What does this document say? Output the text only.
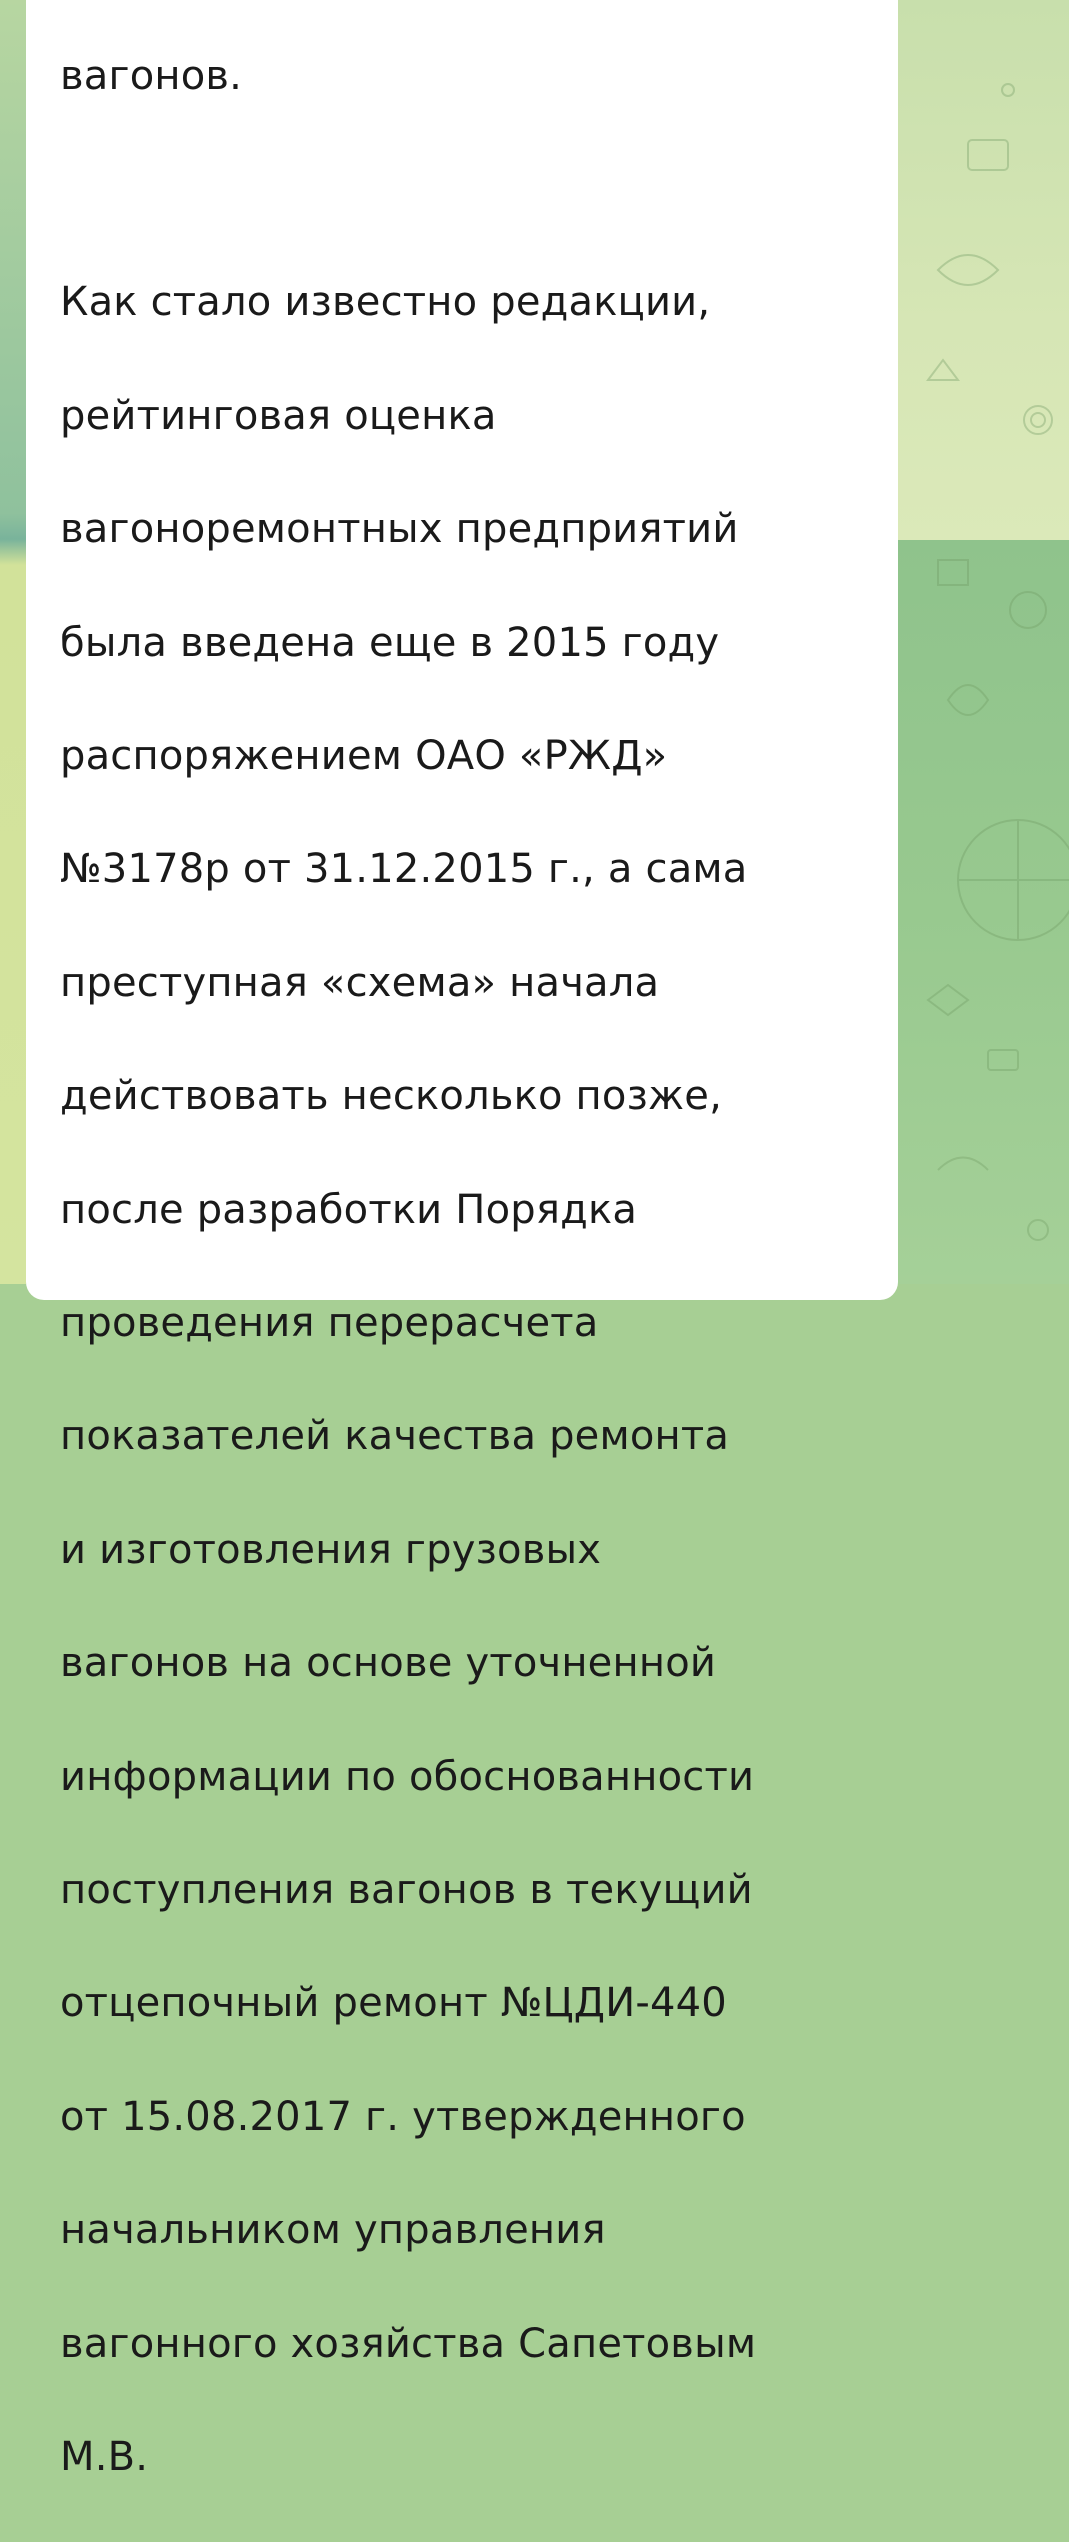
вагонов.

Как стало известно редакции,

рейтинговая оценка

вагоноремонтных предприятий

была введена еще в 2015 году

распоряжением ОАО «РЖД»

№3178р от 31.12.2015 г., а сама

преступная «схема» начала

действовать несколько позже,

после разработки Порядка

проведения перерасчета

показателей качества ремонта

и изготовления грузовых

вагонов на основе уточненной

информации по обоснованности

поступления вагонов в текущий

отцепочный ремонт №ЦДИ-440

от 15.08.2017 г. утвержденного

начальником управления

вагонного хозяйства Сапетовым

М.В.
